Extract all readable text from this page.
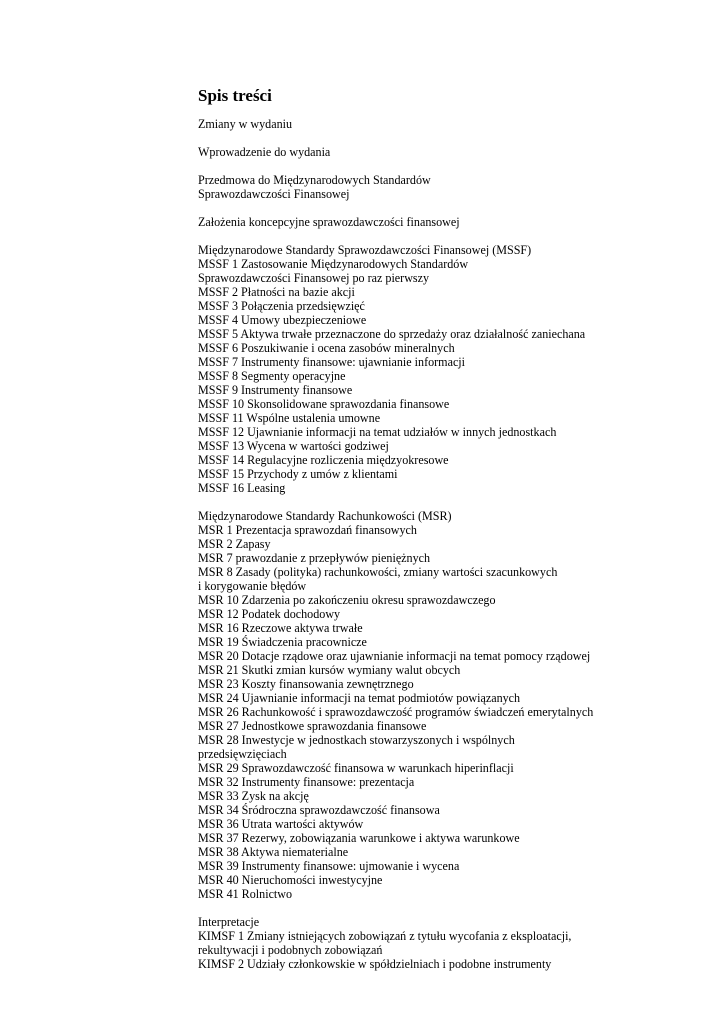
Spis treści
Zmiany w wydaniu
Wprowadzenie do wydania
Przedmowa do Międzynarodowych Standardów
Sprawozdawczości Finansowej
Założenia koncepcyjne sprawozdawczości finansowej
Międzynarodowe Standardy Sprawozdawczości Finansowej (MSSF)
MSSF 1 Zastosowanie Międzynarodowych Standardów
Sprawozdawczości Finansowej po raz pierwszy
MSSF 2 Płatności na bazie akcji
MSSF 3 Połączenia przedsięwzięć
MSSF 4 Umowy ubezpieczeniowe
MSSF 5 Aktywa trwałe przeznaczone do sprzedaży oraz działalność zaniechana
MSSF 6 Poszukiwanie i ocena zasobów mineralnych
MSSF 7 Instrumenty finansowe: ujawnianie informacji
MSSF 8 Segmenty operacyjne
MSSF 9 Instrumenty finansowe
MSSF 10 Skonsolidowane sprawozdania finansowe
MSSF 11 Wspólne ustalenia umowne
MSSF 12 Ujawnianie informacji na temat udziałów w innych jednostkach
MSSF 13 Wycena w wartości godziwej
MSSF 14 Regulacyjne rozliczenia międzyokresowe
MSSF 15 Przychody z umów z klientami
MSSF 16 Leasing
Międzynarodowe Standardy Rachunkowości (MSR)
MSR 1 Prezentacja sprawozdań finansowych
MSR 2 Zapasy
MSR 7 prawozdanie z przepływów pieniężnych
MSR 8 Zasady (polityka) rachunkowości, zmiany wartości szacunkowych
i korygowanie błędów
MSR 10 Zdarzenia po zakończeniu okresu sprawozdawczego
MSR 12 Podatek dochodowy
MSR 16 Rzeczowe aktywa trwałe
MSR 19 Świadczenia pracownicze
MSR 20 Dotacje rządowe oraz ujawnianie informacji na temat pomocy rządowej
MSR 21 Skutki zmian kursów wymiany walut obcych
MSR 23 Koszty finansowania zewnętrznego
MSR 24 Ujawnianie informacji na temat podmiotów powiązanych
MSR 26 Rachunkowość i sprawozdawczość programów świadczeń emerytalnych
MSR 27 Jednostkowe sprawozdania finansowe
MSR 28 Inwestycje w jednostkach stowarzyszonych i wspólnych
przedsięwzięciach
MSR 29 Sprawozdawczość finansowa w warunkach hiperinflacji
MSR 32 Instrumenty finansowe: prezentacja
MSR 33 Zysk na akcję
MSR 34 Śródroczna sprawozdawczość finansowa
MSR 36 Utrata wartości aktywów
MSR 37 Rezerwy, zobowiązania warunkowe i aktywa warunkowe
MSR 38 Aktywa niematerialne
MSR 39 Instrumenty finansowe: ujmowanie i wycena
MSR 40 Nieruchomości inwestycyjne
MSR 41 Rolnictwo
Interpretacje
KIMSF 1 Zmiany istniejących zobowiązań z tytułu wycofania z eksploatacji,
rekultywacji i podobnych zobowiązań
KIMSF 2 Udziały członkowskie w spółdzielniach i podobne instrumenty
